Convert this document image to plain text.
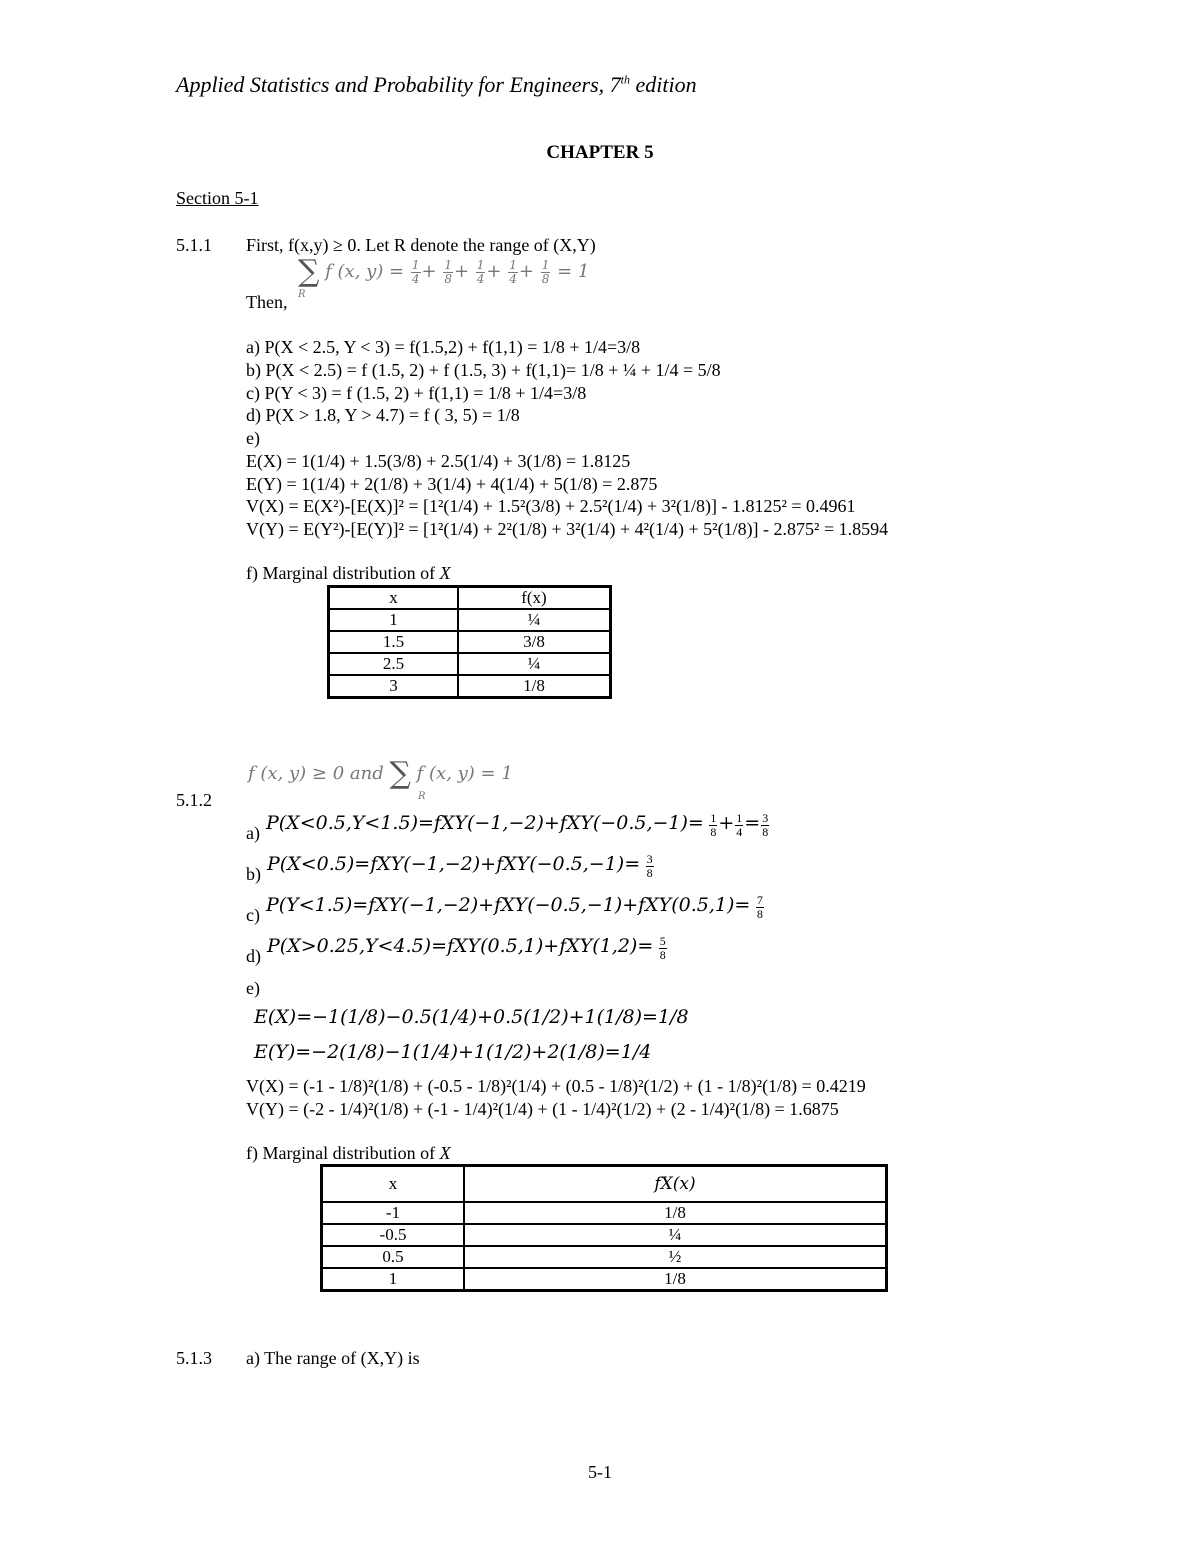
Applied Statistics and Probability for Engineers, 7th edition
CHAPTER 5
Section 5-1
5.1.1 First, f(x,y) ≥ 0. Let R denote the range of (X,Y)
∑
R
f (x, $y) = \frac{1}{4} + \frac{1}{8} + \frac{1}{4} + \frac{1}{4} + \frac{1}{8} = 1$
Then,
a) P(X < 2.5, Y < 3) = f(1.5,2) + f(1,1) = 1/8 + 1/4=3/8
b) P(X < 2.5) = f (1.5, 2) + f (1.5, 3) + f(1,1)= 1/8 + ¼ + 1/4 = 5/8
c) P(Y < 3) = f (1.5, 2) + f(1,1) = 1/8 + 1/4=3/8
d) P(X > 1.8, Y > 4.7) = f ( 3, 5) = 1/8
e)
E(X) = 1(1/4) + 1.5(3/8) + 2.5(1/4) + 3(1/8) = 1.8125
E(Y) = 1(1/4) + 2(1/8) + 3(1/4) + 4(1/4) + 5(1/8) = 2.875
V(X) = E(X²)-[E(X)]² = [1²(1/4) + 1.5²(3/8) + 2.5²(1/4) + 3²(1/8)] - 1.8125² = 0.4961
V(Y) = E(Y²)-[E(Y)]² = [1²(1/4) + 2²(1/8) + 3²(1/4) + 4²(1/4) + 5²(1/8)] - 2.875² = 1.8594
f) Marginal distribution of X
x	f(x)
1	¼
1.5	3/8
2.5	¼
3	1/8
f (x, y) ≥ 0 and ∑
R
f (x, y) = 1
5.1.2
a) $P(X<0.5,Y<1.5)=fXY(-1,-2)+fXY(-0.5,-1)= \frac{1}{8} + \frac{1}{4} = \frac{3}{8}$
b) $P(X<0.5)=fXY(-1,-2)+fXY(-0.5,-1)= \frac{3}{8}$
c) $P(Y<1.5)=fXY(-1,-2)+fXY(-0.5,-1)+fXY(0.5,1)= \frac{7}{8}$
d) $P(X>0.25,Y<4.5)=fXY(0.5,1)+fXY(1,2)= \frac{5}{8}$
e)
E(X)=−1(1/8)−0.5(1/4)+0.5(1/2)+1(1/8)=1/8
E(Y)=−2(1/8)−1(1/4)+1(1/2)+2(1/8)=1/4
V(X) = (-1 - 1/8)²(1/8) + (-0.5 - 1/8)²(1/4) + (0.5 - 1/8)²(1/2) + (1 - 1/8)²(1/8) = 0.4219
V(Y) = (-2 - 1/4)²(1/8) + (-1 - 1/4)²(1/4) + (1 - 1/4)²(1/2) + (2 - 1/4)²(1/8) = 1.6875
f) Marginal distribution of X
x	fX(x)
-1	1/8
-0.5	¼
0.5	½
1	1/8
5.1.3 a) The range of (X,Y) is
5-1
